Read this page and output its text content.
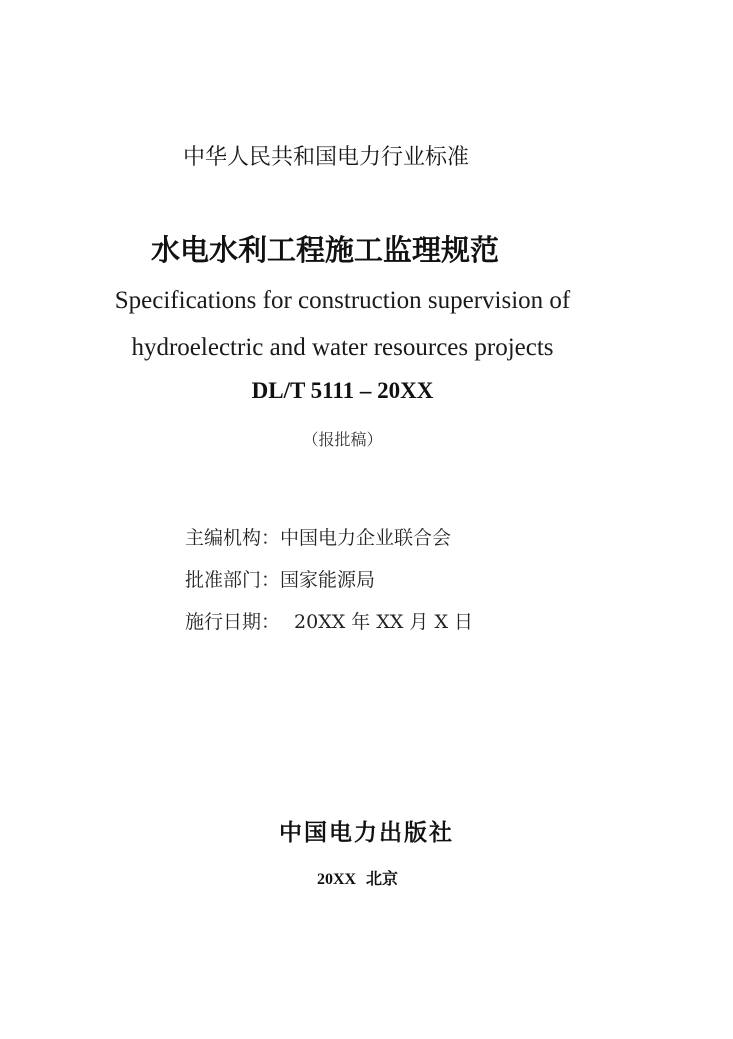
中华人民共和国电力行业标准
水电水利工程施工监理规范
Specifications for construction supervision of
hydroelectric and water resources projects
DL/T 5111 – 20XX
（报批稿）
主编机构：中国电力企业联合会
批准部门：国家能源局
施行日期： 20XX 年 XX 月 X 日
中国电力出版社
20XX 北京
